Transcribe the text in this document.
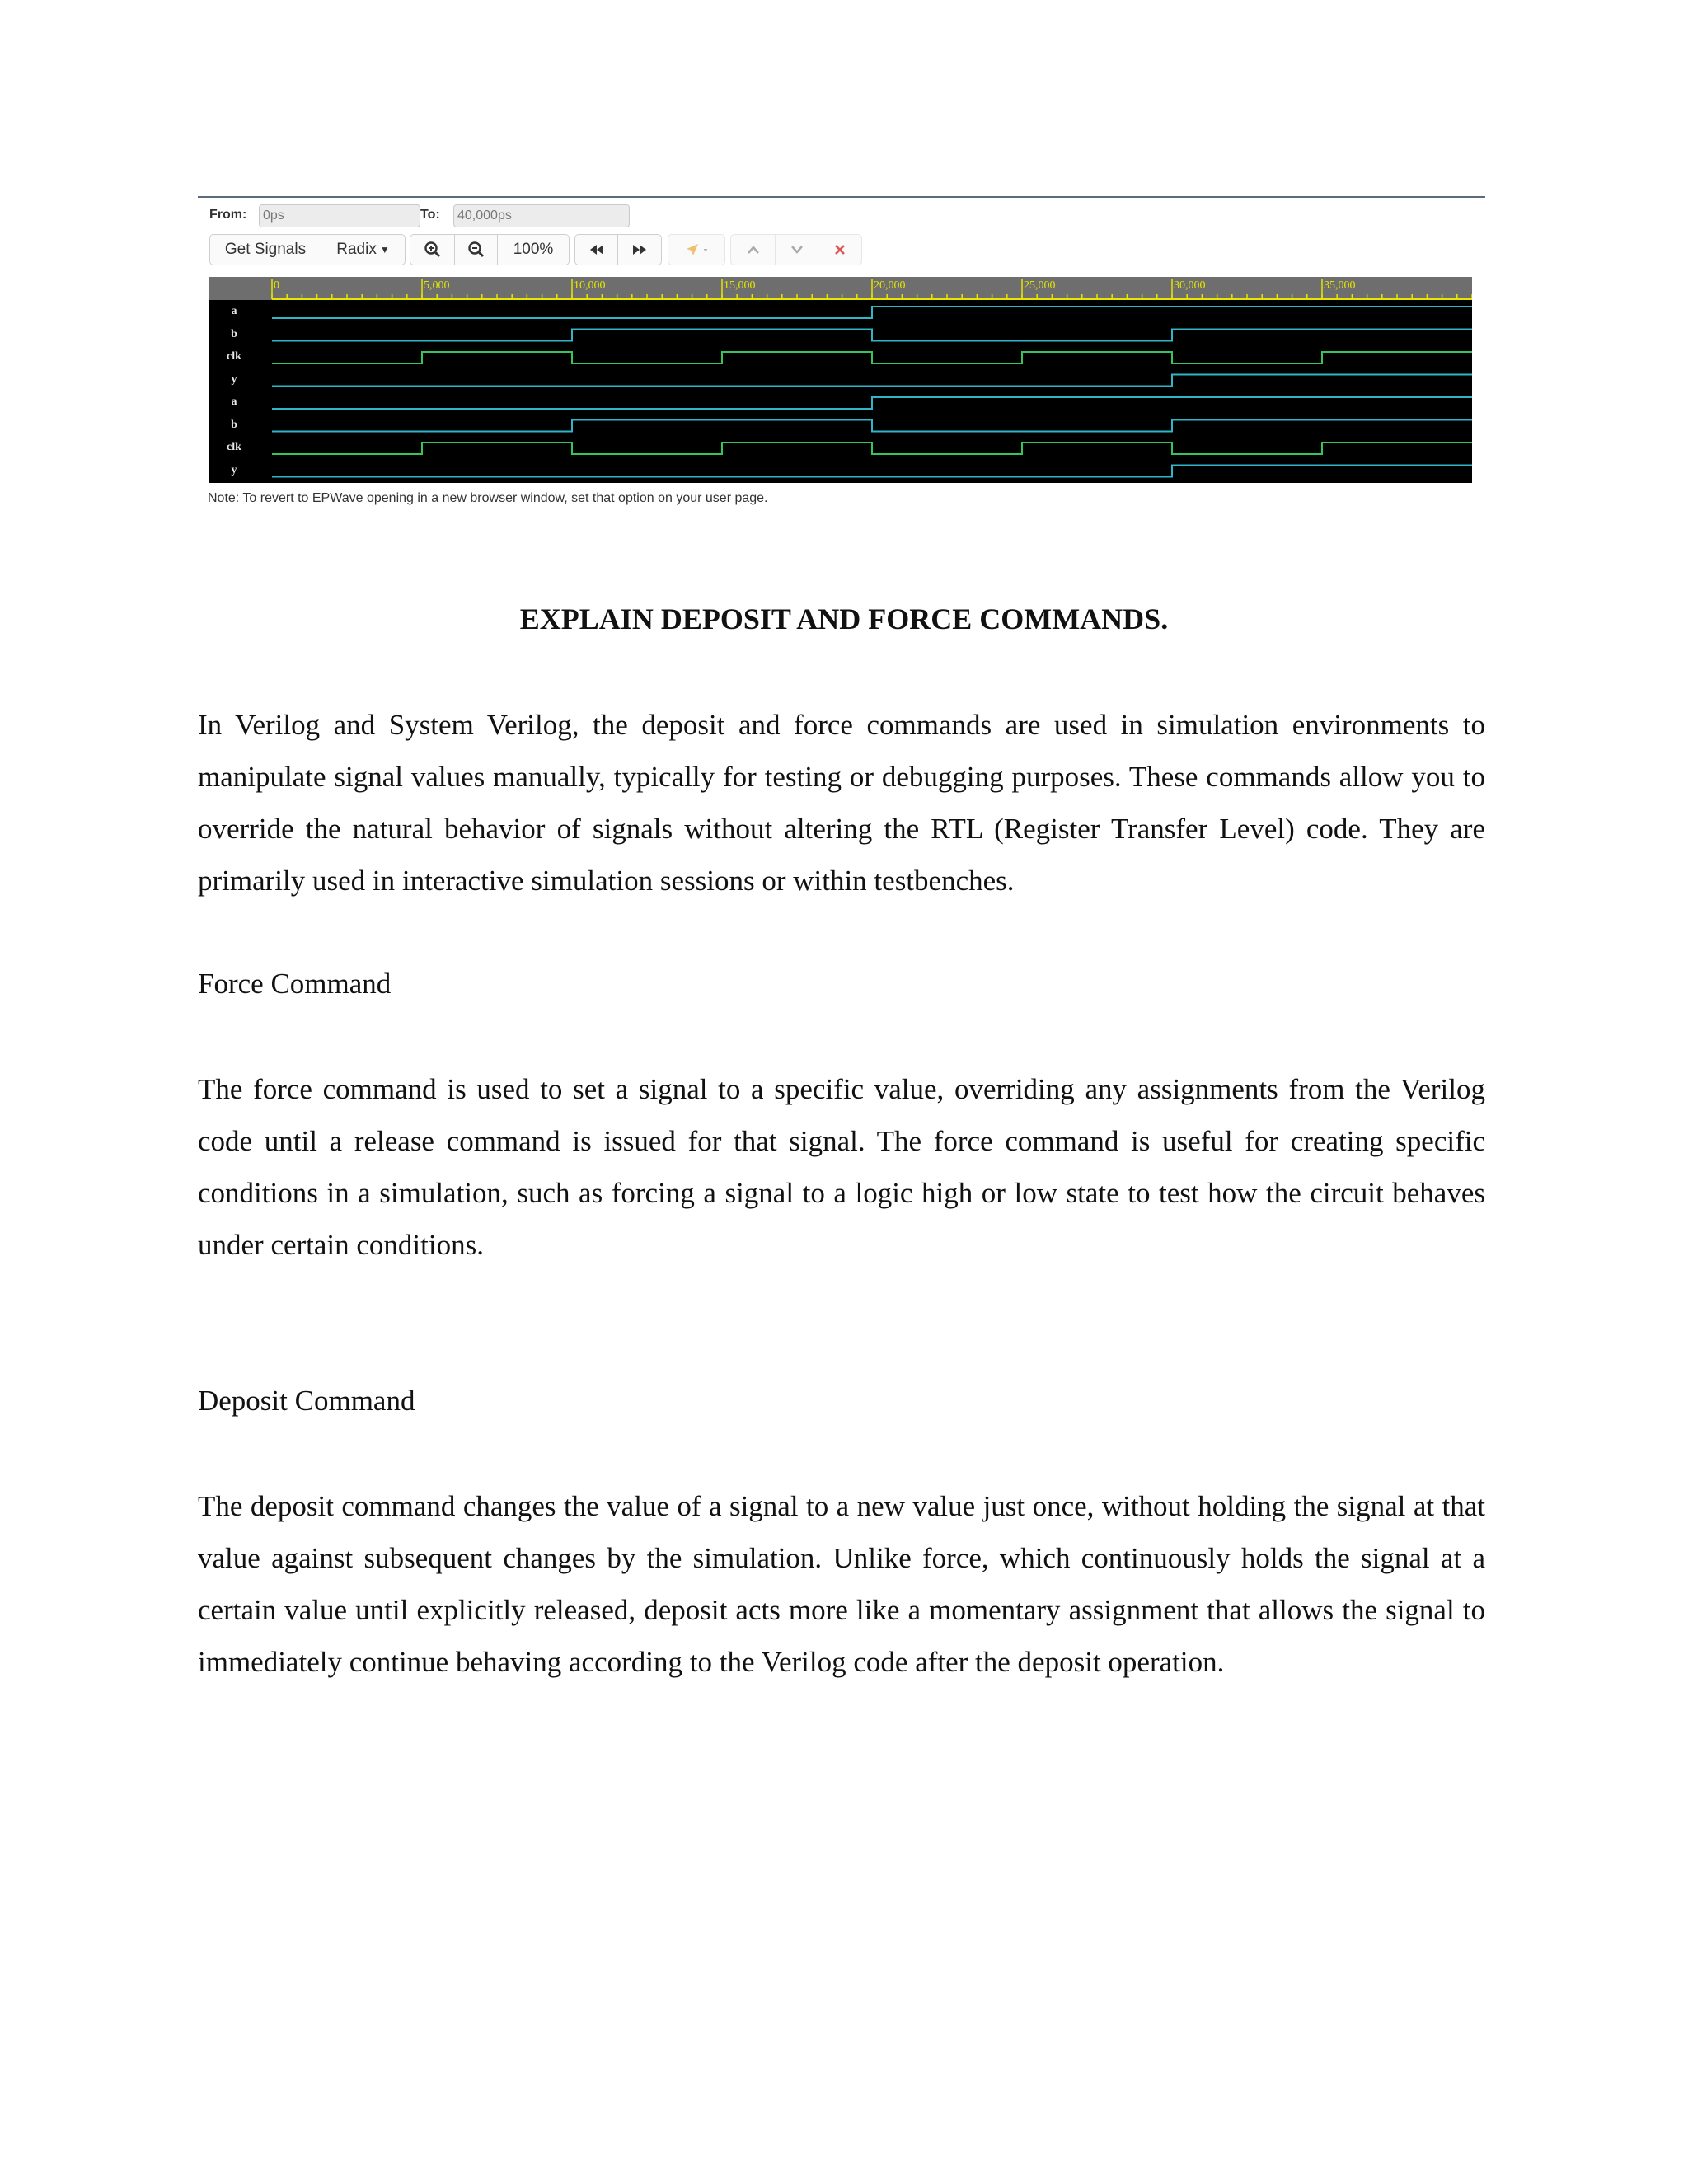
From:	0ps	To:	40,000ps
Get Signals Radix ▼	100%	-
0	5,000	10,000	15,000	20,000	25,000	30,000	35,000
a
b
clk
y
a
b
clk
y
Note: To revert to EPWave opening in a new browser window, set that option on your user page.
EXPLAIN DEPOSIT AND FORCE COMMANDS.
In Verilog and System Verilog, the deposit and force commands are used in simulation environments to manipulate signal values manually, typically for testing or debugging purposes. These commands allow you to override the natural behavior of signals without altering the RTL (Register Transfer Level) code. They are primarily used in interactive simulation sessions or within testbenches.
Force Command
The force command is used to set a signal to a specific value, overriding any assignments from the Verilog code until a release command is issued for that signal. The force command is useful for creating specific conditions in a simulation, such as forcing a signal to a logic high or low state to test how the circuit behaves under certain conditions.
Deposit Command
The deposit command changes the value of a signal to a new value just once, without holding the signal at that value against subsequent changes by the simulation. Unlike force, which continuously holds the signal at a certain value until explicitly released, deposit acts more like a momentary assignment that allows the signal to immediately continue behaving according to the Verilog code after the deposit operation.
